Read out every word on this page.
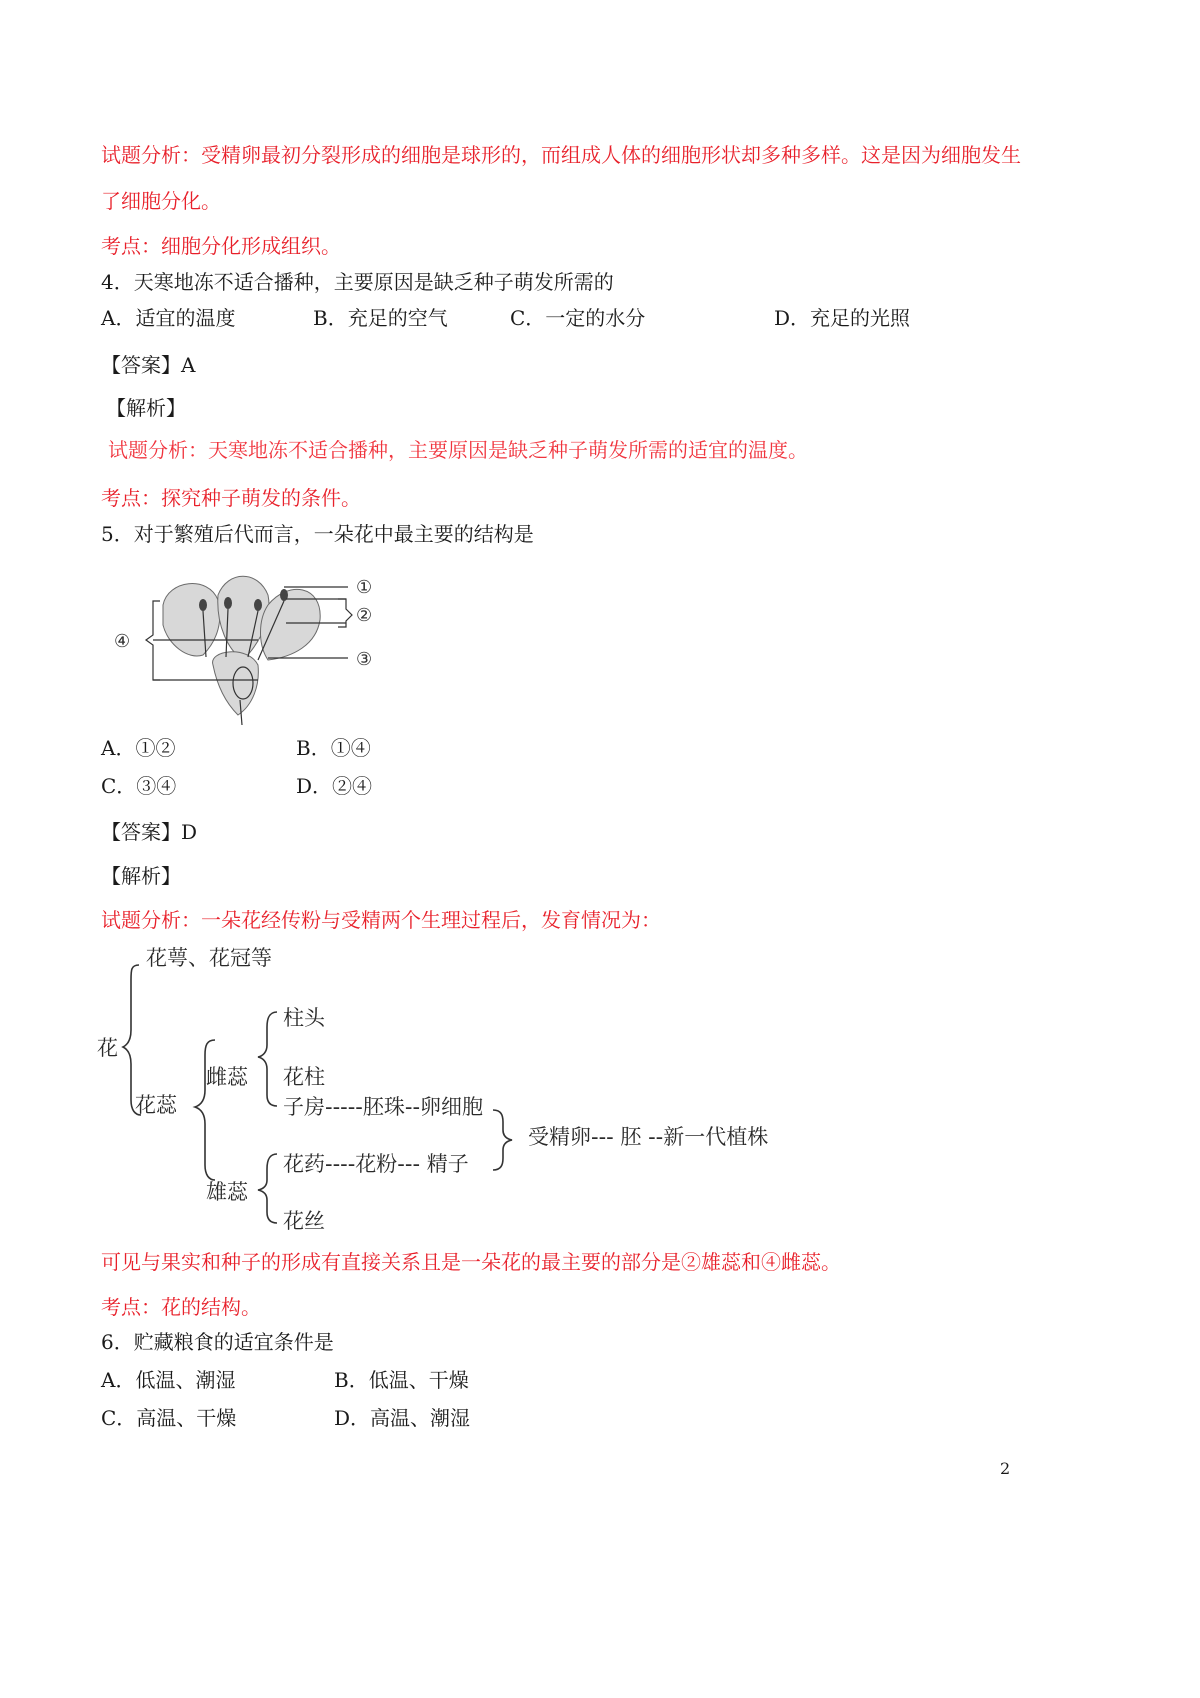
试题分析：受精卵最初分裂形成的细胞是球形的，而组成人体的细胞形状却多种多样。这是因为细胞发生
了细胞分化。
考点：细胞分化形成组织。
4．天寒地冻不适合播种，主要原因是缺乏种子萌发所需的
A．适宜的温度	B．充足的空气	C．一定的水分	D．充足的光照
【答案】A
【解析】
试题分析：天寒地冻不适合播种，主要原因是缺乏种子萌发所需的适宜的温度。
考点：探究种子萌发的条件。
5．对于繁殖后代而言，一朵花中最主要的结构是
①
②
③
④
A．①②	B．①④
C．③④	D．②④
【答案】D
【解析】
试题分析：一朵花经传粉与受精两个生理过程后，发育情况为：
花萼、花冠等
花
柱头
雌蕊 花柱
花蕊	子房-----胚珠--卵细胞
受精卵--- 胚 --新一代植株
花药----花粉--- 精子
雄蕊
花丝
可见与果实和种子的形成有直接关系且是一朵花的最主要的部分是②雄蕊和④雌蕊。
考点：花的结构。
6．贮藏粮食的适宜条件是
A．低温、潮湿	B．低温、干燥
C．高温、干燥	D．高温、潮湿
2
